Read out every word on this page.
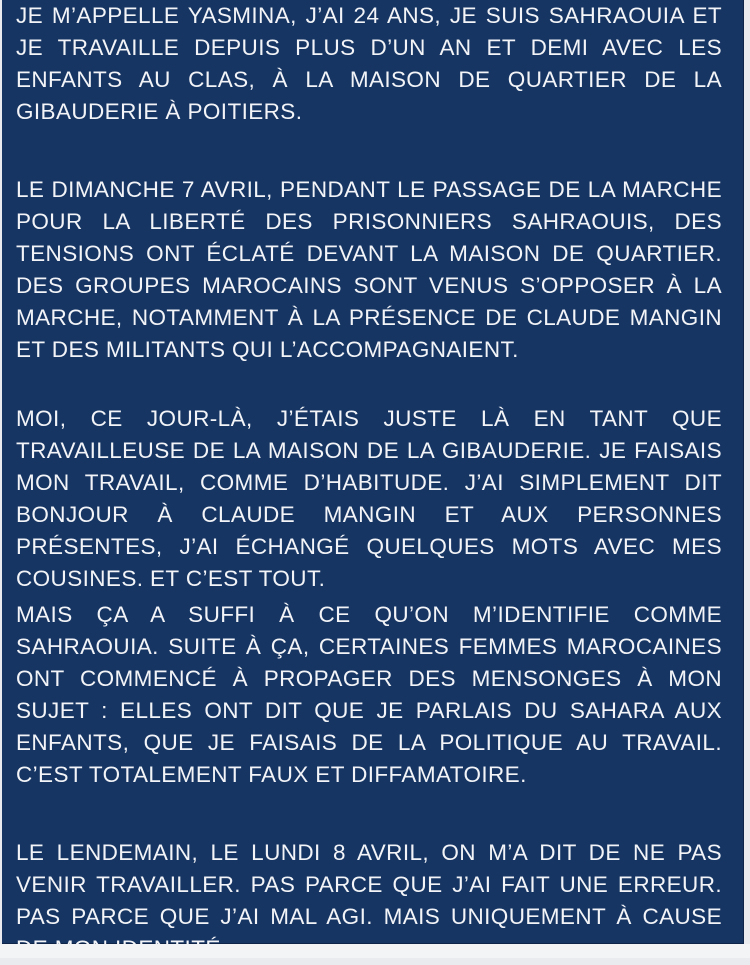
JE M’APPELLE YASMINA, J’AI 24 ANS, JE SUIS SAHRAOUIA ET JE TRAVAILLE DEPUIS PLUS D’UN AN ET DEMI AVEC LES ENFANTS AU CLAS, À LA MAISON DE QUARTIER DE LA GIBAUDERIE À POITIERS.

LE DIMANCHE 7 AVRIL, PENDANT LE PASSAGE DE LA MARCHE POUR LA LIBERTÉ DES PRISONNIERS SAHRAOUIS, DES TENSIONS ONT ÉCLATÉ DEVANT LA MAISON DE QUARTIER. DES GROUPES MAROCAINS SONT VENUS S’OPPOSER À LA MARCHE, NOTAMMENT À LA PRÉSENCE DE CLAUDE MANGIN ET DES MILITANTS QUI L’ACCOMPAGNAIENT.

MOI, CE JOUR-LÀ, J’ÉTAIS JUSTE LÀ EN TANT QUE TRAVAILLEUSE DE LA MAISON DE LA GIBAUDERIE. JE FAISAIS MON TRAVAIL, COMME D’HABITUDE. J’AI SIMPLEMENT DIT BONJOUR À CLAUDE MANGIN ET AUX PERSONNES PRÉSENTES, J’AI ÉCHANGÉ QUELQUES MOTS AVEC MES COUSINES. ET C’EST TOUT.

MAIS ÇA A SUFFI À CE QU’ON M’IDENTIFIE COMME SAHRAOUIA. SUITE À ÇA, CERTAINES FEMMES MAROCAINES ONT COMMENCÉ À PROPAGER DES MENSONGES À MON SUJET : ELLES ONT DIT QUE JE PARLAIS DU SAHARA AUX ENFANTS, QUE JE FAISAIS DE LA POLITIQUE AU TRAVAIL. C’EST TOTALEMENT FAUX ET DIFFAMATOIRE.

LE LENDEMAIN, LE LUNDI 8 AVRIL, ON M’A DIT DE NE PAS VENIR TRAVAILLER. PAS PARCE QUE J’AI FAIT UNE ERREUR. PAS PARCE QUE J’AI MAL AGI. MAIS UNIQUEMENT À CAUSE
